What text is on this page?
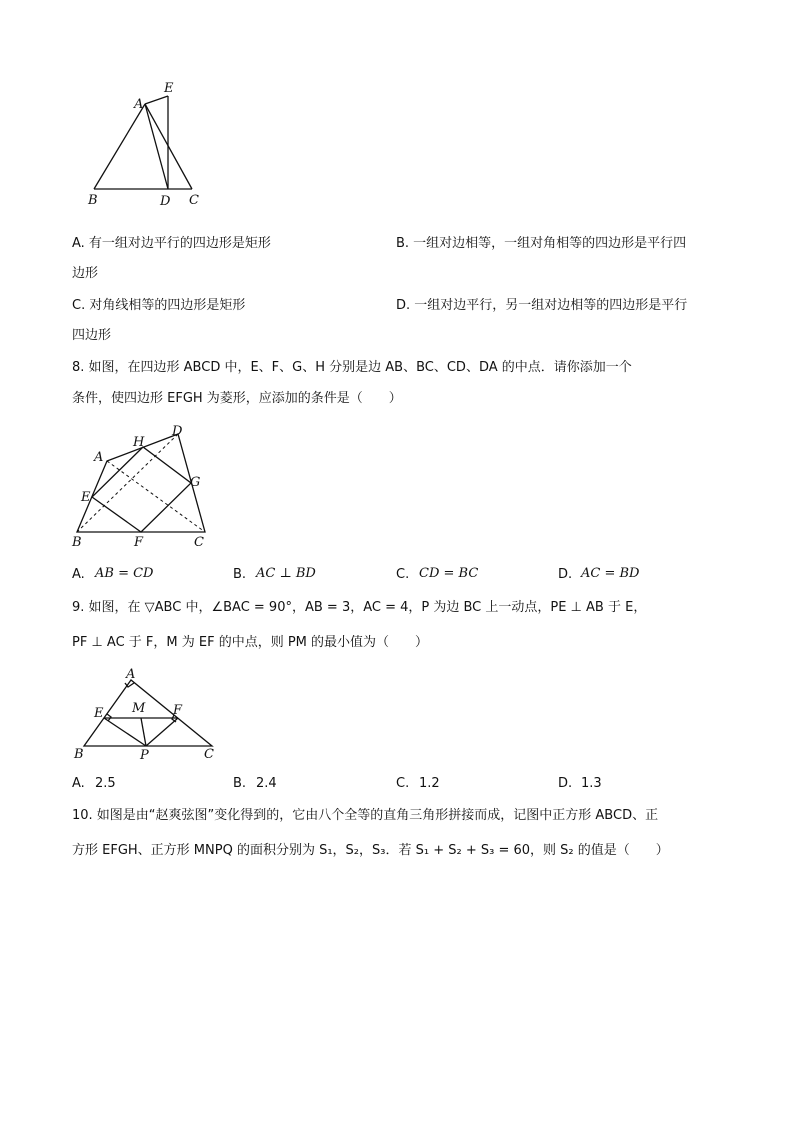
A
E
B	D C
A. 有一组对边平行的四边形是矩形	B. 一组对边相等，一组对角相等的四边形是平行四
边形
C. 对角线相等的四边形是矩形	D. 一组对边平行，另一组对边相等的四边形是平行
四边形
8. 如图，在四边形 ABCD 中，E、F、G、H 分别是边 AB、BC、CD、DA 的中点．请你添加一个
条件，使四边形 EFGH 为菱形，应添加的条件是（　　）
A
H
D
G
E
B	F	C
A. AB = CD	B. AC ⊥ BD	C. CD = BC	D. AC = BD
9. 如图，在 ▽ABC 中，∠BAC = 90°，AB = 3，AC = 4，P 为边 BC 上一动点，PE ⊥ AB 于 E，
PF ⊥ AC 于 F，M 为 EF 的中点，则 PM 的最小值为（　　）
A
E M F
B	P	C
A. 2.5	B. 2.4	C. 1.2	D. 1.3
10. 如图是由“赵爽弦图”变化得到的，它由八个全等的直角三角形拼接而成，记图中正方形 ABCD、正
方形 EFGH、正方形 MNPQ 的面积分别为 S₁，S₂，S₃．若 S₁ + S₂ + S₃ = 60，则 S₂ 的值是（　　）
